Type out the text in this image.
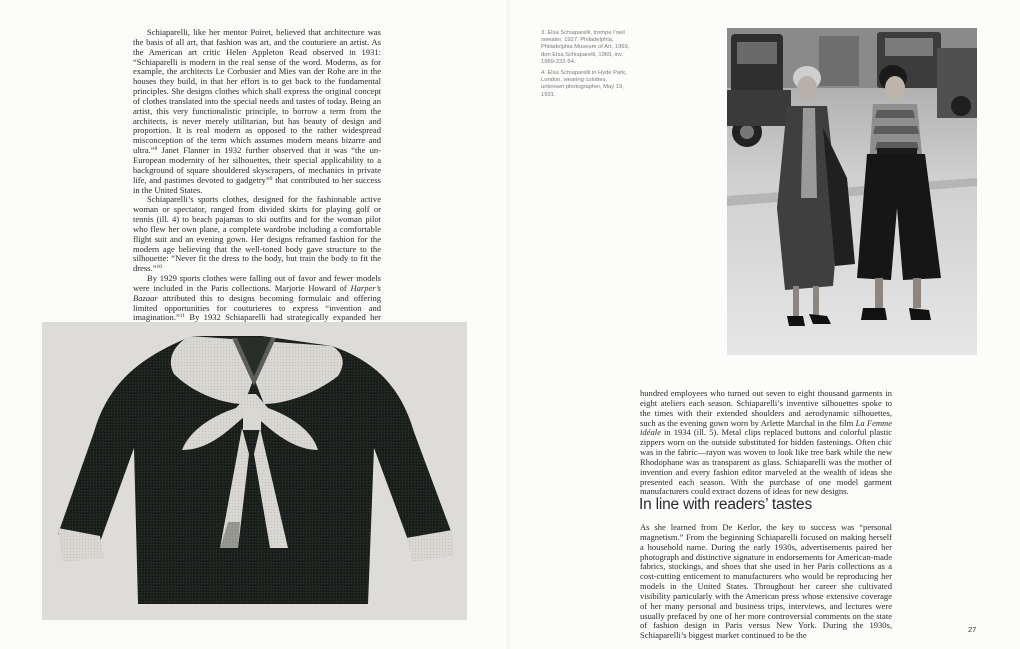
Schiaparelli, like her mentor Poiret, believed that architecture was the basis of all art, that fashion was art, and the couturiere an artist. As the American art critic Helen Appleton Read observed in 1931: “Schiaparelli is modern in the real sense of the word. Moderns, as for example, the architects Le Corbusier and Mies van der Rohe are in the houses they build, in that her effort is to get back to the fundamental principles. She designs clothes which shall express the original concept of clothes translated into the special needs and tastes of today. Being an artist, this very functionalistic principle, to borrow a term from the architects, is never merely utilitarian, but has beauty of design and proportion. It is real modern as opposed to the rather widespread misconception of the term which assumes modern means bizarre and ultra.”$^8$ Janet Flanner in 1932 further observed that it was “the un-European modernity of her silhouettes, their special applicability to a background of square shouldered skyscrapers, of mechanics in private life, and pastimes devoted to gadgetry”$^9$ that contributed to her success in the United States.

Schiaparelli’s sports clothes, designed for the fashionable active woman or spectator, ranged from divided skirts for playing golf or tennis (ill. 4) to beach pajamas to ski outfits and for the woman pilot who flew her own plane, a complete wardrobe including a comfortable flight suit and an evening gown. Her designs reframed fashion for the modern age believing that the well-toned body gave structure to the silhouette: “Never fit the dress to the body, but train the body to fit the dress.”$^{10}$

By 1929 sports clothes were falling out of favor and fewer models were included in the Paris collections. Marjorie Howard of Harper’s Bazaar attributed this to designs becoming formulaic and offering limited opportunities for couturieres to express “invention and imagination.”$^{11}$ By 1932 Schiaparelli had strategically expanded her

3. Elsa Schiaparelli, trompe l’oeil sweater, 1927. Philadelphia, Philadelphia Museum of Art, 1969, don Elsa Schiaparelli, 1969, inv. 1969-232-54.

4. Elsa Schiaparelli in Hyde Park, London, wearing culottes, unknown photographer, May 19, 1931.

hundred employees who turned out seven to eight thousand garments in eight ateliers each season. Schiaparelli’s inventive silhouettes spoke to the times with their extended shoulders and aerodynamic silhouettes, such as the evening gown worn by Arlette Marchal in the film La Femme idéale in 1934 (ill. 5). Metal clips replaced buttons and colorful plastic zippers worn on the outside substituted for hidden fastenings. Often chic was in the fabric—rayon was woven to look like tree bark while the new Rhodophane was as transparent as glass. Schiaparelli was the mother of invention and every fashion editor marveled at the wealth of ideas she presented each season. With the purchase of one model garment manufacturers could extract dozens of ideas for new designs.

In line with readers’ tastes

As she learned from De Kerlor, the key to success was “personal magnetism.” From the beginning Schiaparelli focused on making herself a household name. During the early 1930s, advertisements paired her photograph and distinctive signature in endorsements for American-made fabrics, stockings, and shoes that she used in her Paris collections as a cost-cutting enticement to manufacturers who would be reproducing her models in the United States. Throughout her career she cultivated visibility particularly with the American press whose extensive coverage of her many personal and business trips, interviews, and lectures were usually prefaced by one of her more controversial comments on the state of fashion design in Paris versus New York. During the 1930s, Schiaparelli’s biggest market continued to be the

27
